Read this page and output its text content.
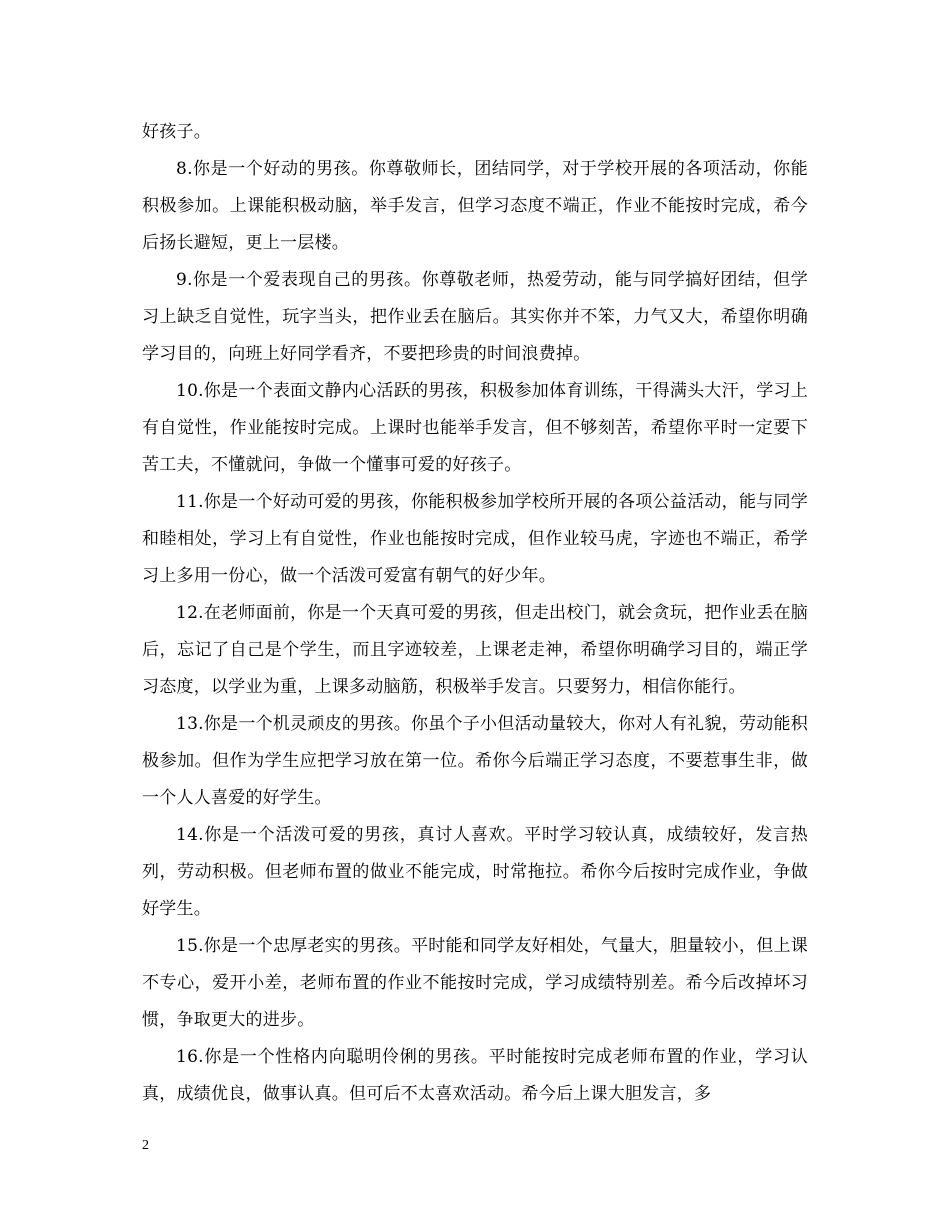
好孩子。

8.你是一个好动的男孩。你尊敬师长，团结同学，对于学校开展的各项活动，你能积极参加。上课能积极动脑，举手发言，但学习态度不端正，作业不能按时完成，希今后扬长避短，更上一层楼。

9.你是一个爱表现自己的男孩。你尊敬老师，热爱劳动，能与同学搞好团结，但学习上缺乏自觉性，玩字当头，把作业丢在脑后。其实你并不笨，力气又大，希望你明确学习目的，向班上好同学看齐，不要把珍贵的时间浪费掉。

10.你是一个表面文静内心活跃的男孩，积极参加体育训练，干得满头大汗，学习上有自觉性，作业能按时完成。上课时也能举手发言，但不够刻苦，希望你平时一定要下苦工夫，不懂就问，争做一个懂事可爱的好孩子。

11.你是一个好动可爱的男孩，你能积极参加学校所开展的各项公益活动，能与同学和睦相处，学习上有自觉性，作业也能按时完成，但作业较马虎，字迹也不端正，希学习上多用一份心，做一个活泼可爱富有朝气的好少年。

12.在老师面前，你是一个天真可爱的男孩，但走出校门，就会贪玩，把作业丢在脑后，忘记了自己是个学生，而且字迹较差，上课老走神，希望你明确学习目的，端正学习态度，以学业为重，上课多动脑筋，积极举手发言。只要努力，相信你能行。

13.你是一个机灵顽皮的男孩。你虽个子小但活动量较大，你对人有礼貌，劳动能积极参加。但作为学生应把学习放在第一位。希你今后端正学习态度，不要惹事生非，做一个人人喜爱的好学生。

14.你是一个活泼可爱的男孩，真讨人喜欢。平时学习较认真，成绩较好，发言热列，劳动积极。但老师布置的做业不能完成，时常拖拉。希你今后按时完成作业，争做好学生。

15.你是一个忠厚老实的男孩。平时能和同学友好相处，气量大，胆量较小，但上课不专心，爱开小差，老师布置的作业不能按时完成，学习成绩特别差。希今后改掉坏习惯，争取更大的进步。

16.你是一个性格内向聪明伶俐的男孩。平时能按时完成老师布置的作业，学习认真，成绩优良，做事认真。但可后不太喜欢活动。希今后上课大胆发言，多

2
